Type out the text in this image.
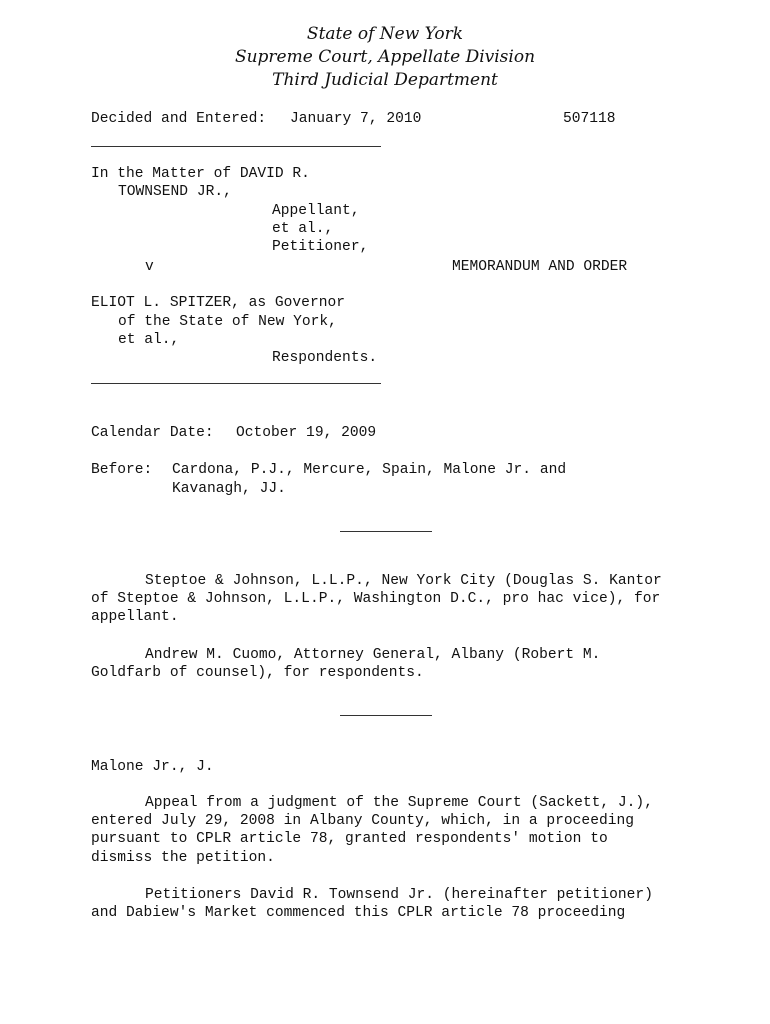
State of New York
Supreme Court, Appellate Division
Third Judicial Department
Decided and Entered: January 7, 2010	507118
In the Matter of DAVID R.
TOWNSEND JR.,
Appellant,
et al.,
Petitioner,
v	MEMORANDUM AND ORDER
ELIOT L. SPITZER, as Governor
of the State of New York,
et al.,
Respondents.
Calendar Date: October 19, 2009
Before: Cardona, P.J., Mercure, Spain, Malone Jr. and
Kavanagh, JJ.
Steptoe & Johnson, L.L.P., New York City (Douglas S. Kantor
of Steptoe & Johnson, L.L.P., Washington D.C., pro hac vice), for
appellant.
Andrew M. Cuomo, Attorney General, Albany (Robert M.
Goldfarb of counsel), for respondents.
Malone Jr., J.
Appeal from a judgment of the Supreme Court (Sackett, J.),
entered July 29, 2008 in Albany County, which, in a proceeding
pursuant to CPLR article 78, granted respondents' motion to
dismiss the petition.
Petitioners David R. Townsend Jr. (hereinafter petitioner)
and Dabiew's Market commenced this CPLR article 78 proceeding
